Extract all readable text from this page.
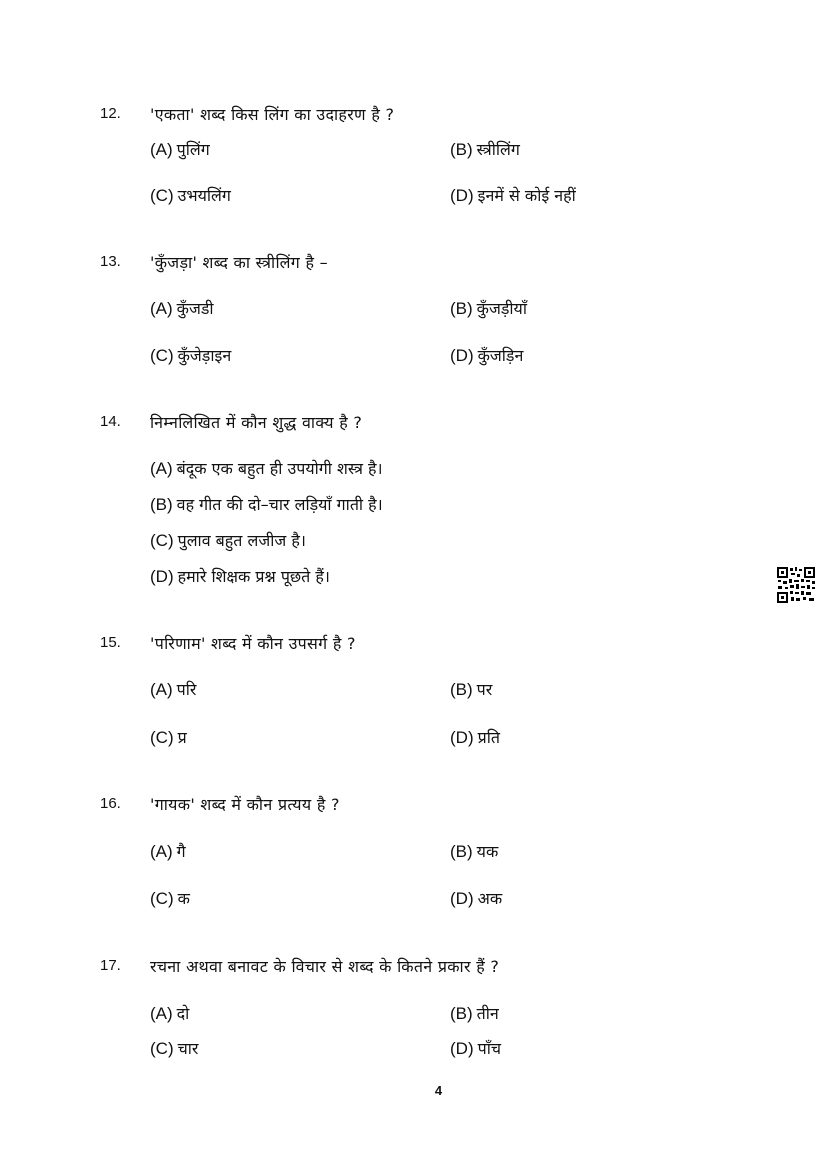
12. 'एकता' शब्द किस लिंग का उदाहरण है ?
(A) पुलिंग	(B) स्त्रीलिंग
(C) उभयलिंग	(D) इनमें से कोई नहीं
13. 'कुँजड़ा' शब्द का स्त्रीलिंग है –
(A) कुँजडी	(B) कुँजड़ीयाँ
(C) कुँजेड़ाइन	(D) कुँजड़िन
14. निम्नलिखित में कौन शुद्ध वाक्य है ?
(A) बंदूक एक बहुत ही उपयोगी शस्त्र है।
(B) वह गीत की दो–चार लड़ियाँ गाती है।
(C) पुलाव बहुत लजीज है।
(D) हमारे शिक्षक प्रश्न पूछते हैं।
15. 'परिणाम' शब्द में कौन उपसर्ग है ?
(A) परि	(B) पर
(C) प्र	(D) प्रति
16. 'गायक' शब्द में कौन प्रत्यय है ?
(A) गै	(B) यक
(C) क	(D) अक
17. रचना अथवा बनावट के विचार से शब्द के कितने प्रकार हैं ?
(A) दो	(B) तीन
(C) चार	(D) पाँच
4
